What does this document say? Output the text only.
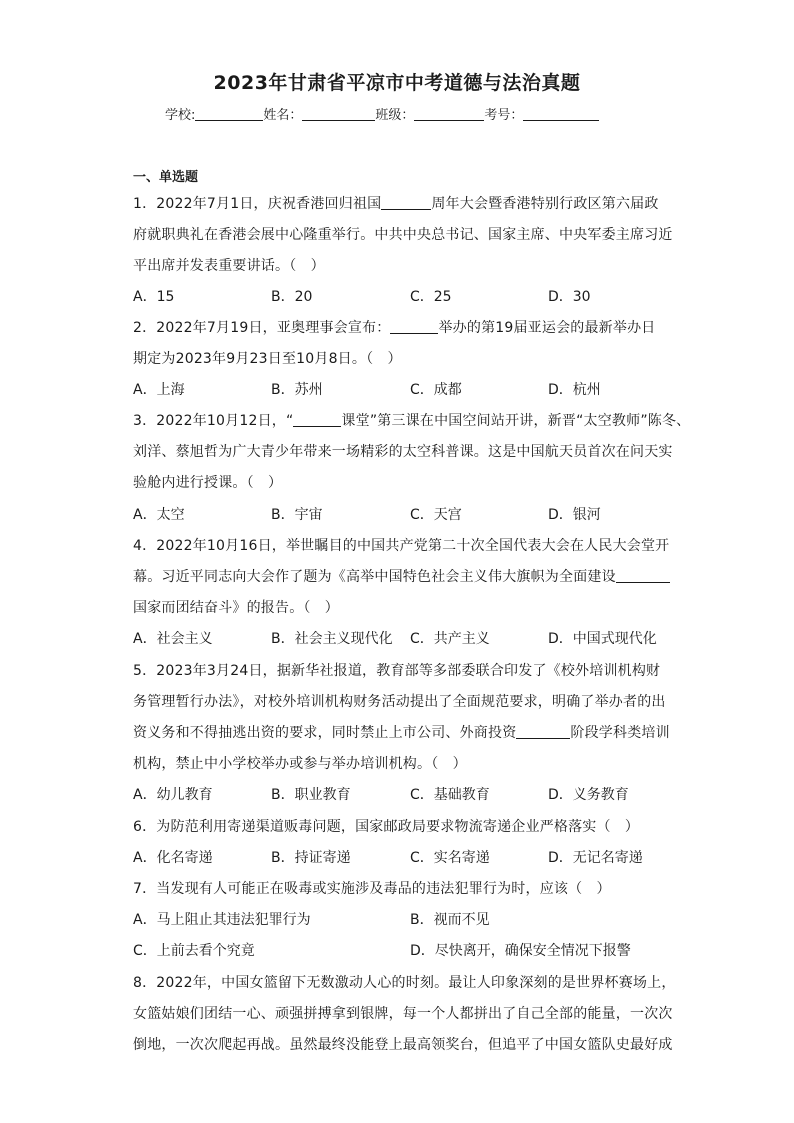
2023年甘肃省平凉市中考道德与法治真题
学校:	姓名：	班级：	考号：
一、单选题
1．2022年7月1日，庆祝香港回归祖国	周年大会暨香港特别行政区第六届政
府就职典礼在香港会展中心隆重举行。中共中央总书记、国家主席、中央军委主席习近
平出席并发表重要讲话。（　）
A．15	B．20	C．25	D．30
2．2022年7月19日，亚奥理事会宣布：	举办的第19届亚运会的最新举办日
期定为2023年9月23日至10月8日。（　）
A．上海	B．苏州	C．成都	D．杭州
3．2022年10月12日，“	课堂”第三课在中国空间站开讲，新晋“太空教师”陈冬、
刘洋、蔡旭哲为广大青少年带来一场精彩的太空科普课。这是中国航天员首次在问天实
验舱内进行授课。（　）
A．太空	B．宇宙	C．天宫	D．银河
4．2022年10月16日，举世瞩目的中国共产党第二十次全国代表大会在人民大会堂开
幕。习近平同志向大会作了题为《高举中国特色社会主义伟大旗帜为全面建设
国家而团结奋斗》的报告。（　）
A．社会主义	B．社会主义现代化 C．共产主义	D．中国式现代化
5．2023年3月24日，据新华社报道，教育部等多部委联合印发了《校外培训机构财
务管理暂行办法》，对校外培训机构财务活动提出了全面规范要求，明确了举办者的出
资义务和不得抽逃出资的要求，同时禁止上市公司、外商投资	阶段学科类培训
机构，禁止中小学校举办或参与举办培训机构。（　）
A．幼儿教育	B．职业教育	C．基础教育	D．义务教育
6．为防范利用寄递渠道贩毒问题，国家邮政局要求物流寄递企业严格落实（　）
A．化名寄递	B．持证寄递	C．实名寄递	D．无记名寄递
7．当发现有人可能正在吸毒或实施涉及毒品的违法犯罪行为时，应该（　）
A．马上阻止其违法犯罪行为	B．视而不见
C．上前去看个究竟	D．尽快离开，确保安全情况下报警
8．2022年，中国女篮留下无数激动人心的时刻。最让人印象深刻的是世界杯赛场上，
女篮姑娘们团结一心、顽强拼搏拿到银牌，每一个人都拼出了自己全部的能量，一次次
倒地，一次次爬起再战。虽然最终没能登上最高领奖台，但追平了中国女篮队史最好成
